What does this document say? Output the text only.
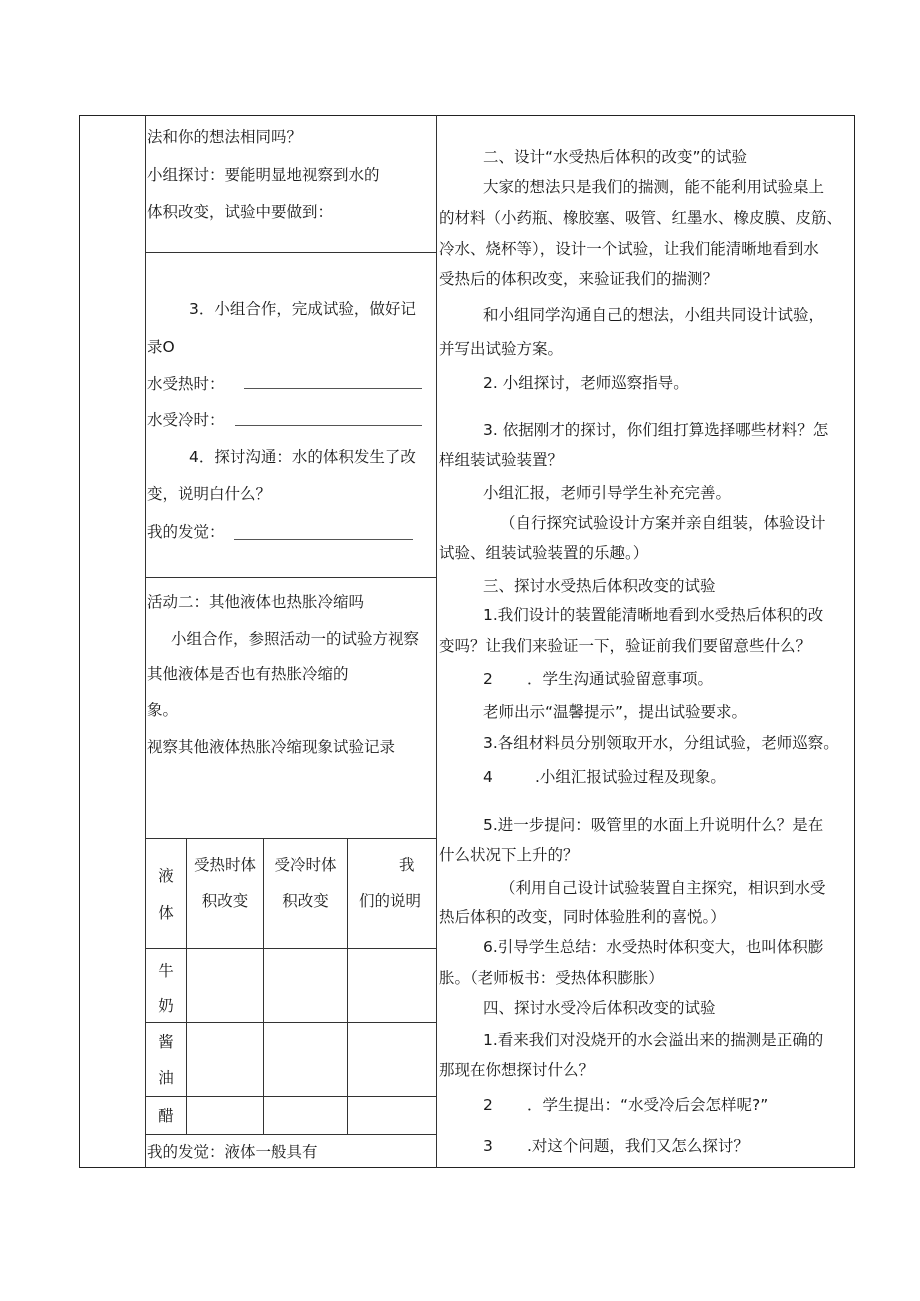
法和你的想法相同吗？
小组探讨：要能明显地视察到水的
体积改变，试验中要做到：
3．小组合作，完成试验，做好记
录O
水受热时：
水受冷时：
4．探讨沟通：水的体积发生了改
变，说明白什么？
我的发觉：
活动二：其他液体也热胀冷缩吗
小组合作，参照活动一的试验方视察
其他液体是否也有热胀冷缩的
象。
视察其他液体热胀冷缩现象试验记录
液
体
受热时体
积改变
受冷时体
积改变
我
们的说明
牛
奶
酱
油
醋
我的发觉：液体一般具有
二、设计“水受热后体积的改变”的试验
大家的想法只是我们的揣测，能不能利用试验桌上
的材料（小药瓶、橡胶塞、吸管、红墨水、橡皮膜、皮筋、
冷水、烧杯等），设计一个试验，让我们能清晰地看到水
受热后的体积改变，来验证我们的揣测？
和小组同学沟通自己的想法，小组共同设计试验，
并写出试验方案。
2. 小组探讨，老师巡察指导。
3. 依据刚才的探讨，你们组打算选择哪些材料？怎
样组装试验装置？
小组汇报，老师引导学生补充完善。
（自行探究试验设计方案并亲自组装，体验设计
试验、组装试验装置的乐趣。）
三、探讨水受热后体积改变的试验
1.我们设计的装置能清晰地看到水受热后体积的改
变吗？让我们来验证一下，验证前我们要留意些什么？
2 ．学生沟通试验留意事项。
老师出示“温馨提示”，提出试验要求。
3.各组材料员分别领取开水，分组试验，老师巡察。
4	.小组汇报试验过程及现象。
5.进一步提问：吸管里的水面上升说明什么？是在
什么状况下上升的？
（利用自己设计试验装置自主探究，相识到水受
热后体积的改变，同时体验胜利的喜悦。）
6.引导学生总结：水受热时体积变大，也叫体积膨
胀。（老师板书：受热体积膨胀）
四、探讨水受冷后体积改变的试验
1.看来我们对没烧开的水会溢出来的揣测是正确的
那现在你想探讨什么？
2 ．学生提出：“水受冷后会怎样呢?”
3 .对这个问题，我们又怎么探讨？
